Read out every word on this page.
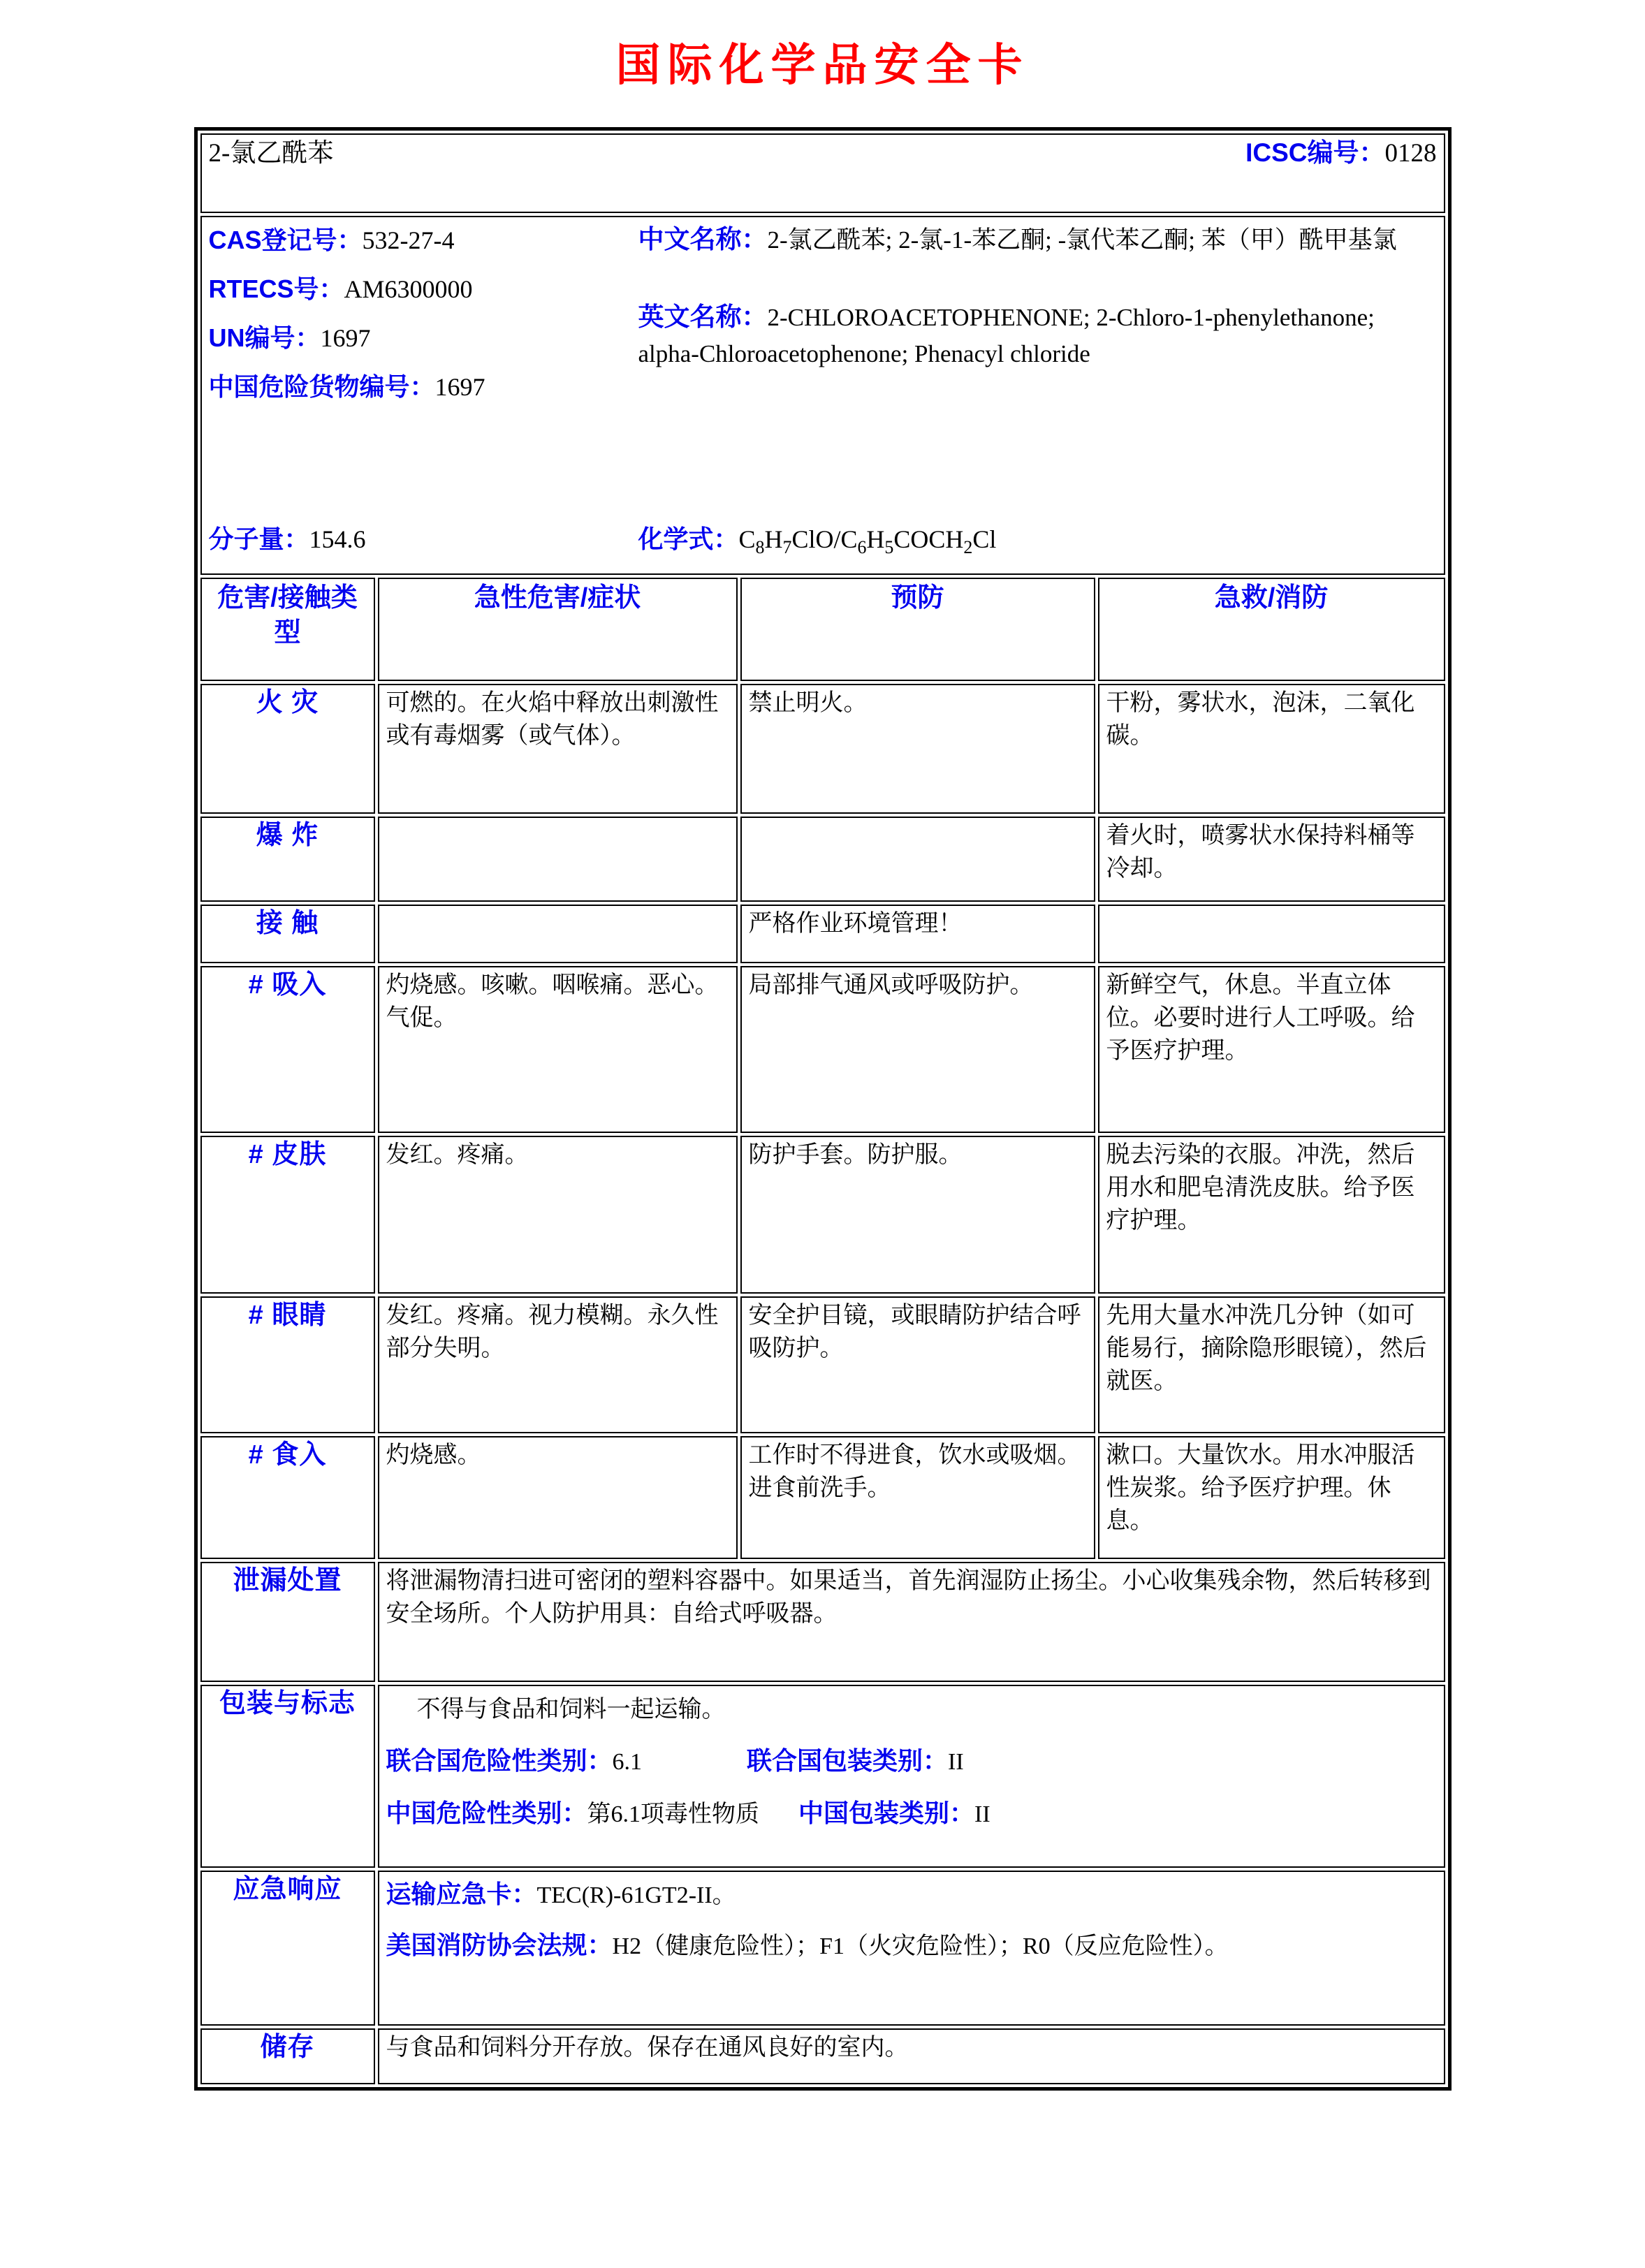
国际化学品安全卡
2-氯乙酰苯 ICSC编号：0128			

CAS登记号：532-27-4
RTECS号：AM6300000
UN编号：1697
中国危险货物编号：1697
中文名称：2-氯乙酰苯; 2-氯-1-苯乙酮; -氯代苯乙酮; 苯（甲）酰甲基氯
英文名称：2-CHLOROACETOPHENONE; 2-Chloro-1-phenylethanone; alpha-Chloroacetophenone; Phenacyl chloride
分子量：154.6	化学式：$C_8H_7ClO/C_6H_5COCH_2Cl$

危害/接触类型	急性危害/症状	预防	急救/消防
火 灾	可燃的。在火焰中释放出刺激性或有毒烟雾（或气体）。	禁止明火。	干粉，雾状水，泡沫，二氧化碳。
爆 炸			着火时，喷雾状水保持料桶等冷却。
接 触		严格作业环境管理！	
# 吸入	灼烧感。咳嗽。咽喉痛。恶心。气促。	局部排气通风或呼吸防护。	新鲜空气，休息。半直立体位。必要时进行人工呼吸。给予医疗护理。
# 皮肤	发红。疼痛。	防护手套。防护服。	脱去污染的衣服。冲洗，然后用水和肥皂清洗皮肤。给予医疗护理。
# 眼睛	发红。疼痛。视力模糊。永久性部分失明。	安全护目镜，或眼睛防护结合呼吸防护。	先用大量水冲洗几分钟（如可能易行，摘除隐形眼镜），然后就医。
# 食入	灼烧感。	工作时不得进食，饮水或吸烟。进食前洗手。	漱口。大量饮水。用水冲服活性炭浆。给予医疗护理。休息。
泄漏处置	将泄漏物清扫进可密闭的塑料容器中。如果适当，首先润湿防止扬尘。小心收集残余物，然后转移到安全场所。个人防护用具：自给式呼吸器。		
包装与标志	不得与食品和饲料一起运输。
联合国危险性类别：6.1 联合国包装类别：II
中国危险性类别：第6.1项毒性物质 中国包装类别：II		

应急响应	运输应急卡：TEC(R)-61GT2-II。
美国消防协会法规：H2（健康危险性）；F1（火灾危险性）；R0（反应危险性）。		

储存	与食品和饲料分开存放。保存在通风良好的室内。		
